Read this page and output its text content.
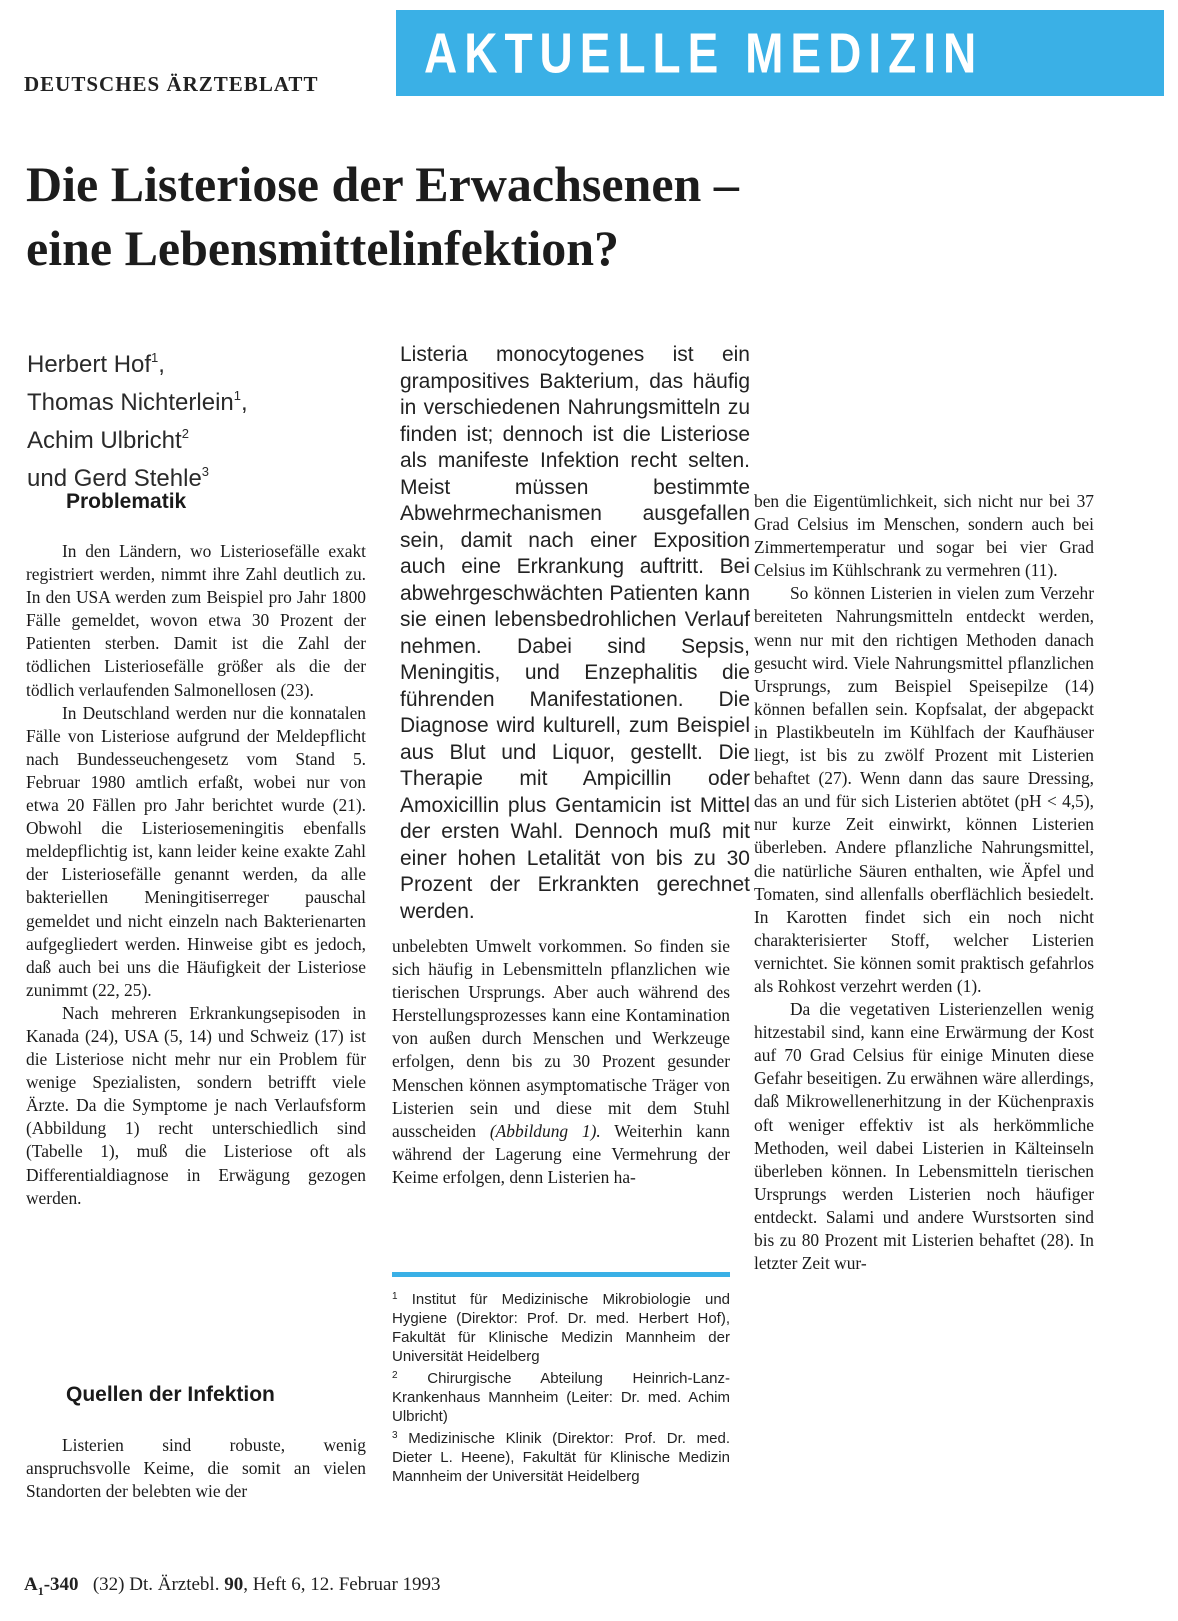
DEUTSCHES ÄRZTEBLATT AKTUELLE MEDIZIN
Die Listeriose der Erwachsenen –
eine Lebensmittelinfektion?
Herbert Hof$^1$,
Thomas Nichterlein$^1$,
Achim Ulbricht$^2$
und Gerd Stehle$^3$
Listeria monocytogenes ist ein grampositives Bakterium, das häufig in verschiedenen Nahrungsmitteln zu finden ist; dennoch ist die Listeriose als manifeste Infektion recht selten. Meist müssen bestimmte Abwehrmechanismen ausgefallen sein, damit nach einer Exposition auch eine Erkrankung auftritt. Bei abwehrgeschwächten Patienten kann sie einen lebensbedrohlichen Verlauf nehmen. Dabei sind Sepsis, Meningitis, und Enzephalitis die führenden Manifestationen. Die Diagnose wird kulturell, zum Beispiel aus Blut und Liquor, gestellt. Die Therapie mit Ampicillin oder Amoxicillin plus Gentamicin ist Mittel der ersten Wahl. Dennoch muß mit einer hohen Letalität von bis zu 30 Prozent der Erkrankten gerechnet werden.
Problematik

In den Ländern, wo Listeriosefälle exakt registriert werden, nimmt ihre Zahl deutlich zu. In den USA werden zum Beispiel pro Jahr 1800 Fälle gemeldet, wovon etwa 30 Prozent der Patienten sterben. Damit ist die Zahl der tödlichen Listeriosefälle größer als die der tödlich verlaufenden Salmonellosen (23).

In Deutschland werden nur die konnatalen Fälle von Listeriose aufgrund der Meldepflicht nach Bundesseuchengesetz vom Stand 5. Februar 1980 amtlich erfaßt, wobei nur von etwa 20 Fällen pro Jahr berichtet wurde (21). Obwohl die Listeriosemeningitis ebenfalls meldepflichtig ist, kann leider keine exakte Zahl der Listeriosefälle genannt werden, da alle bakteriellen Meningitiserreger pauschal gemeldet und nicht einzeln nach Bakterienarten aufgegliedert werden. Hinweise gibt es jedoch, daß auch bei uns die Häufigkeit der Listeriose zunimmt (22, 25).

Nach mehreren Erkrankungsepisoden in Kanada (24), USA (5, 14) und Schweiz (17) ist die Listeriose nicht mehr nur ein Problem für wenige Spezialisten, sondern betrifft viele Ärzte. Da die Symptome je nach Verlaufsform (Abbildung 1) recht unterschiedlich sind (Tabelle 1), muß die Listeriose oft als Differentialdiagnose in Erwägung gezogen werden.

Quellen der Infektion

Listerien sind robuste, wenig anspruchsvolle Keime, die somit an vielen Standorten der belebten wie der

unbelebten Umwelt vorkommen. So finden sie sich häufig in Lebensmitteln pflanzlichen wie tierischen Ursprungs. Aber auch während des Herstellungsprozesses kann eine Kontamination von außen durch Menschen und Werkzeuge erfolgen, denn bis zu 30 Prozent gesunder Menschen können asymptomatische Träger von Listerien sein und diese mit dem Stuhl ausscheiden (Abbildung 1). Weiterhin kann während der Lagerung eine Vermehrung der Keime erfolgen, denn Listerien ha-

$^1$ Institut für Medizinische Mikrobiologie und Hygiene (Direktor: Prof. Dr. med. Herbert Hof), Fakultät für Klinische Medizin Mannheim der Universität Heidelberg
$^2$ Chirurgische Abteilung Heinrich-Lanz-Krankenhaus Mannheim (Leiter: Dr. med. Achim Ulbricht)
$^3$ Medizinische Klinik (Direktor: Prof. Dr. med. Dieter L. Heene), Fakultät für Klinische Medizin Mannheim der Universität Heidelberg

ben die Eigentümlichkeit, sich nicht nur bei 37 Grad Celsius im Menschen, sondern auch bei Zimmertemperatur und sogar bei vier Grad Celsius im Kühlschrank zu vermehren (11).

So können Listerien in vielen zum Verzehr bereiteten Nahrungsmitteln entdeckt werden, wenn nur mit den richtigen Methoden danach gesucht wird. Viele Nahrungsmittel pflanzlichen Ursprungs, zum Beispiel Speisepilze (14) können befallen sein. Kopfsalat, der abgepackt in Plastikbeuteln im Kühlfach der Kaufhäuser liegt, ist bis zu zwölf Prozent mit Listerien behaftet (27). Wenn dann das saure Dressing, das an und für sich Listerien abtötet (pH < 4,5), nur kurze Zeit einwirkt, können Listerien überleben. Andere pflanzliche Nahrungsmittel, die natürliche Säuren enthalten, wie Äpfel und Tomaten, sind allenfalls oberflächlich besiedelt. In Karotten findet sich ein noch nicht charakterisierter Stoff, welcher Listerien vernichtet. Sie können somit praktisch gefahrlos als Rohkost verzehrt werden (1).

Da die vegetativen Listerienzellen wenig hitzestabil sind, kann eine Erwärmung der Kost auf 70 Grad Celsius für einige Minuten diese Gefahr beseitigen. Zu erwähnen wäre allerdings, daß Mikrowellenerhitzung in der Küchenpraxis oft weniger effektiv ist als herkömmliche Methoden, weil dabei Listerien in Kälteinseln überleben können. In Lebensmitteln tierischen Ursprungs werden Listerien noch häufiger entdeckt. Salami und andere Wurstsorten sind bis zu 80 Prozent mit Listerien behaftet (28). In letzter Zeit wur-

$A_1-340$ (32) Dt. Ärztebl. 90, Heft 6, 12. Februar 1993
